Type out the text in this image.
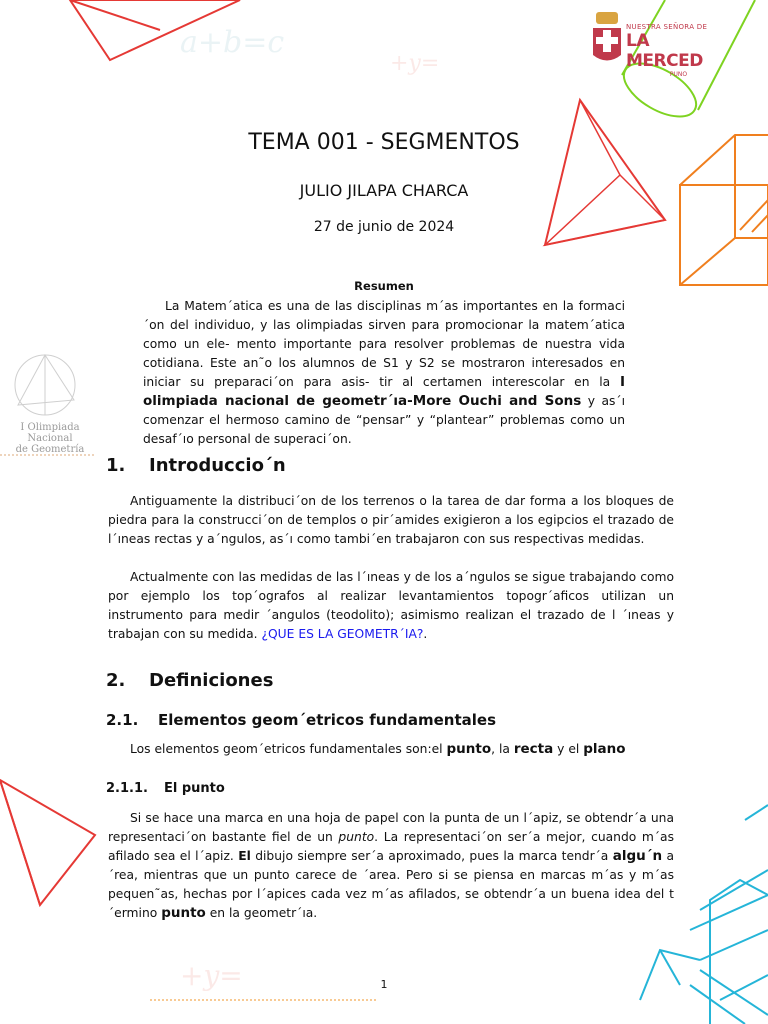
a+b=c
+y=
+y=
NUESTRA SEÑORA DE
LA MERCED
PUNO
I Olimpiada Nacional
de Geometría
TEMA 001 - SEGMENTOS
JULIO JILAPA CHARCA
27 de junio de 2024
Resumen
La Matem´atica es una de las disciplinas m´as importantes en la formaci´on del individuo, y las olimpiadas sirven para promocionar la matem´atica como un ele- mento importante para resolver problemas de nuestra vida cotidiana. Este an˜o los alumnos de S1 y S2 se mostraron interesados en iniciar su preparaci´on para asis- tir al certamen interescolar en la I olimpiada nacional de geometr´ıa-More Ouchi and Sons y as´ı comenzar el hermoso camino de “pensar” y “plantear” problemas como un desaf´ıo personal de superaci´on.
1. Introduccio´n
Antiguamente la distribuci´on de los terrenos o la tarea de dar forma a los bloques de piedra para la construcci´on de templos o pir´amides exigieron a los egipcios el trazado de l´ıneas rectas y a´ngulos, as´ı como tambi´en trabajaron con sus respectivas medidas.
Actualmente con las medidas de las l´ıneas y de los a´ngulos se sigue trabajando como por ejemplo los top´ografos al realizar levantamientos topogr´aficos utilizan un instrumento para medir ´angulos (teodolito); asimismo realizan el trazado de l ´ıneas y trabajan con su medida. ¿QUE ES LA GEOMETR´IA?.
2. Definiciones
2.1. Elementos geom´etricos fundamentales
Los elementos geom´etricos fundamentales son:el punto, la recta y el plano
2.1.1. El punto
Si se hace una marca en una hoja de papel con la punta de un l´apiz, se obtendr´a una representaci´on bastante fiel de un punto. La representaci´on ser´a mejor, cuando m´as afilado sea el l´apiz. El dibujo siempre ser´a aproximado, pues la marca tendr´a algu´n a´rea, mientras que un punto carece de ´area. Pero si se piensa en marcas m´as y m´as pequen˜as, hechas por l´apices cada vez m´as afilados, se obtendr´a un buena idea del t´ermino punto en la geometr´ıa.
1
